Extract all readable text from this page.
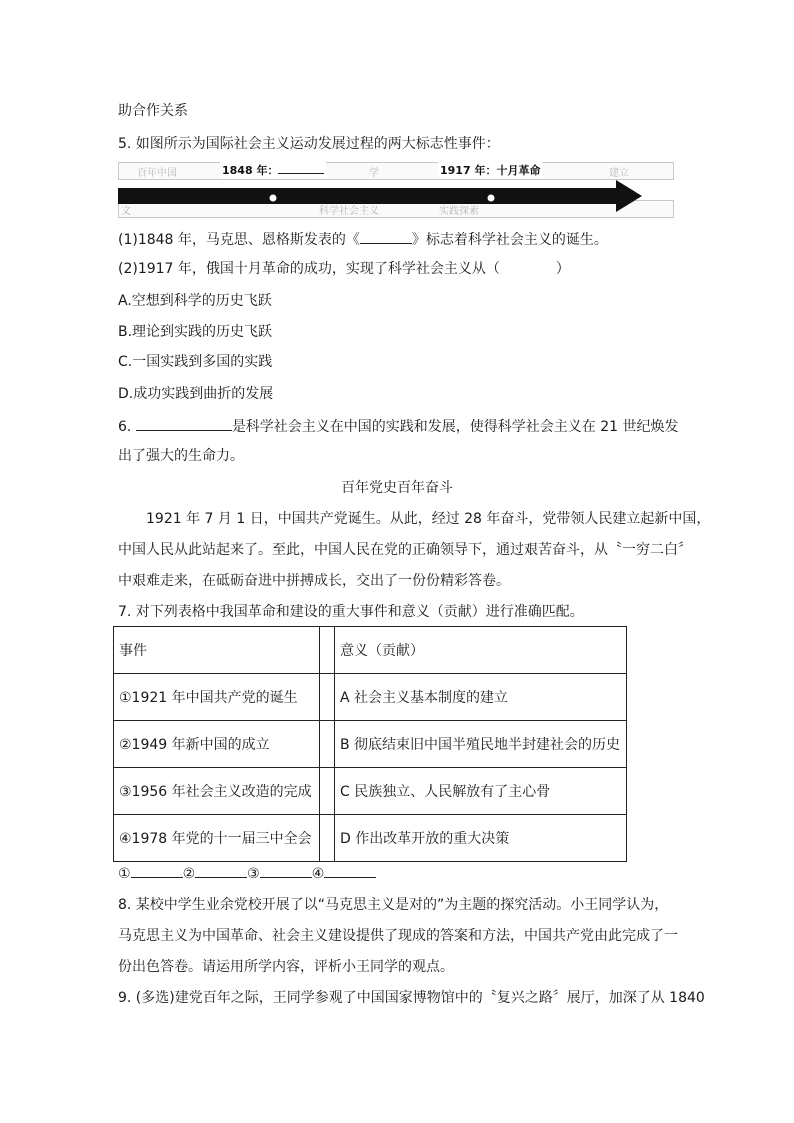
助合作关系
5. 如图所示为国际社会主义运动发展过程的两大标志性事件：
百年中国	学	建立
文	科学社会主义	实践探索
1848 年：	1917 年：十月革命
(1)1848 年，马克思、恩格斯发表的《	》标志着科学社会主义的诞生。
(2)1917 年，俄国十月革命的成功，实现了科学社会主义从（　　　　）
A.空想到科学的历史飞跃
B.理论到实践的历史飞跃
C.一国实践到多国的实践
D.成功实践到曲折的发展
6.	是科学社会主义在中国的实践和发展，使得科学社会主义在 21 世纪焕发
出了强大的生命力。
百年党史百年奋斗
1921 年 7 月 1 日，中国共产党诞生。从此，经过 28 年奋斗，党带领人民建立起新中国，
中国人民从此站起来了。至此，中国人民在党的正确领导下，通过艰苦奋斗，从〝一穷二白〞
中艰难走来，在砥砺奋进中拼搏成长，交出了一份份精彩答卷。
7. 对下列表格中我国革命和建设的重大事件和意义（贡献）进行准确匹配。
事件		意义（贡献）
①1921 年中国共产党的诞生		A 社会主义基本制度的建立
②1949 年新中国的成立		B 彻底结束旧中国半殖民地半封建社会的历史
③1956 年社会主义改造的完成		C 民族独立、人民解放有了主心骨
④1978 年党的十一届三中全会		D 作出改革开放的重大决策
①	②	③	④
8. 某校中学生业余党校开展了以“马克思主义是对的”为主题的探究活动。小王同学认为，
马克思主义为中国革命、社会主义建设提供了现成的答案和方法，中国共产党由此完成了一
份出色答卷。请运用所学内容，评析小王同学的观点。
9. (多选)建党百年之际，王同学参观了中国国家博物馆中的〝复兴之路〞展厅，加深了从 1840
